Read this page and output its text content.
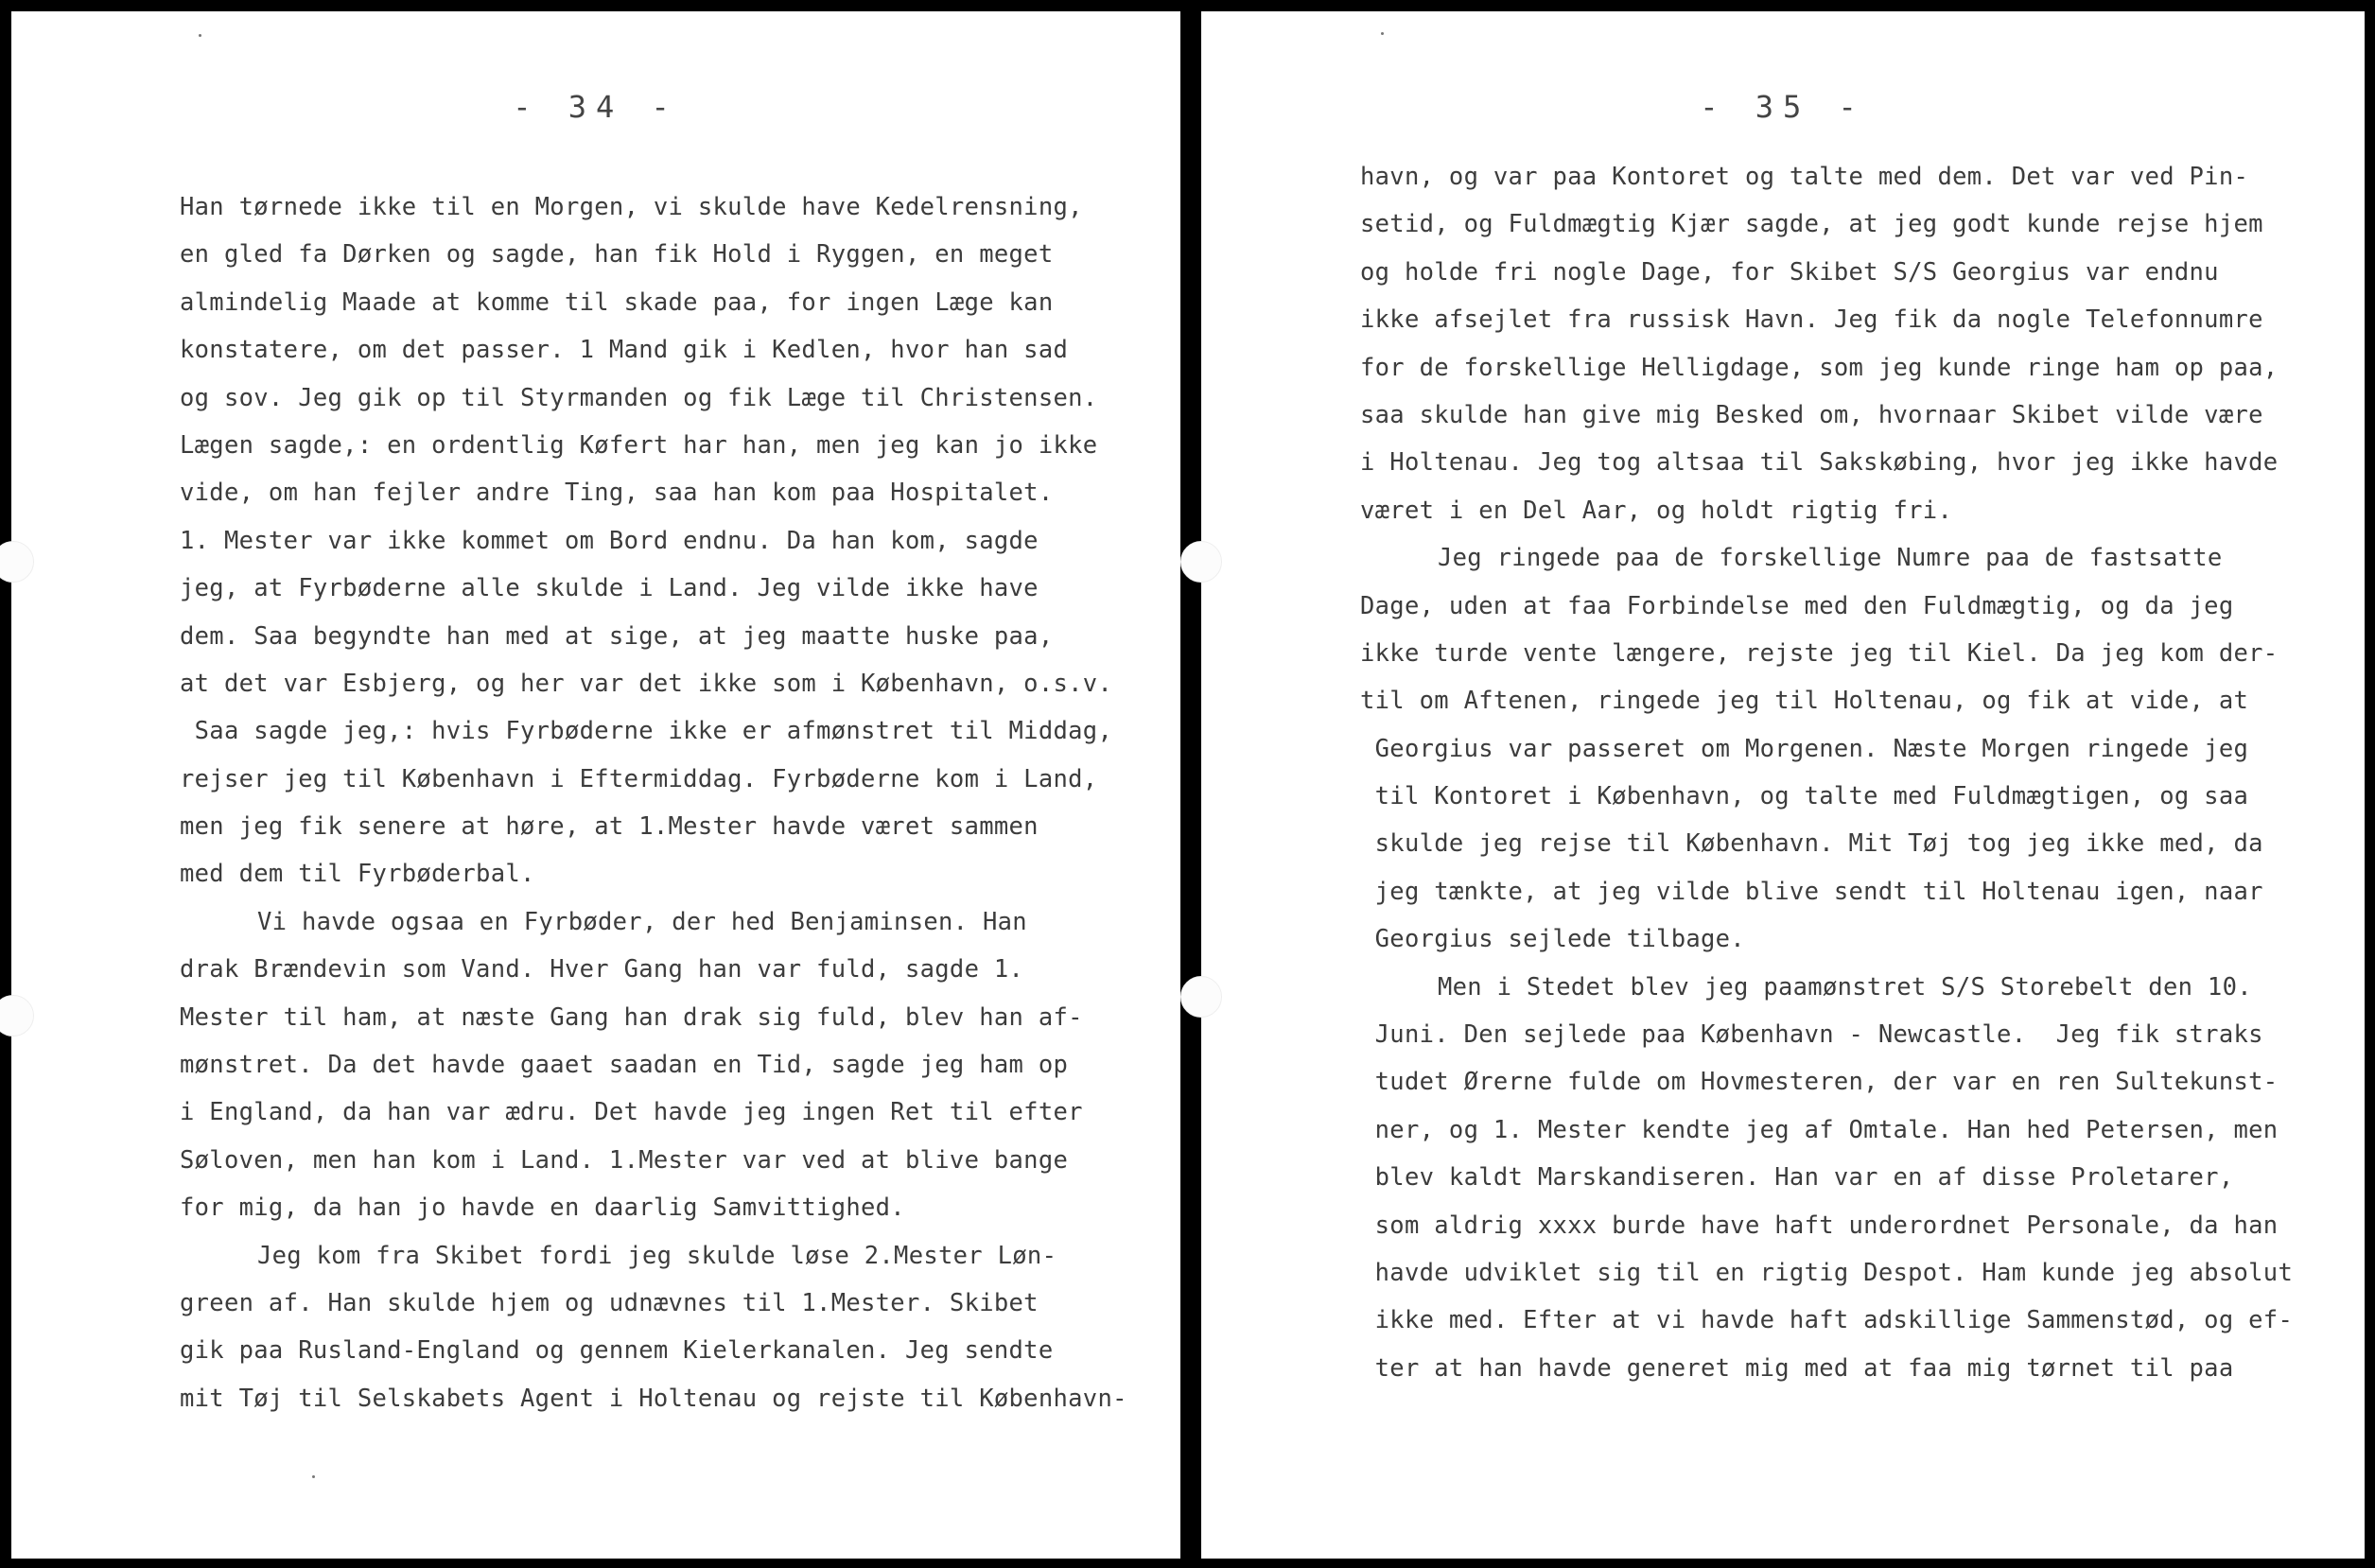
- 34 -
Han tørnede ikke til en Morgen, vi skulde have Kedelrensning,
en gled fa Dørken og sagde, han fik Hold i Ryggen, en meget
almindelig Maade at komme til skade paa, for ingen Læge kan
konstatere, om det passer. 1 Mand gik i Kedlen, hvor han sad
og sov. Jeg gik op til Styrmanden og fik Læge til Christensen.
Lægen sagde,: en ordentlig Køfert har han, men jeg kan jo ikke
vide, om han fejler andre Ting, saa han kom paa Hospitalet.
1. Mester var ikke kommet om Bord endnu. Da han kom, sagde
jeg, at Fyrbøderne alle skulde i Land. Jeg vilde ikke have
dem. Saa begyndte han med at sige, at jeg maatte huske paa,
at det var Esbjerg, og her var det ikke som i København, o.s.v.
Saa sagde jeg,: hvis Fyrbøderne ikke er afmønstret til Middag,
rejser jeg til København i Eftermiddag. Fyrbøderne kom i Land,
men jeg fik senere at høre, at 1.Mester havde været sammen
med dem til Fyrbøderbal.
Vi havde ogsaa en Fyrbøder, der hed Benjaminsen. Han
drak Brændevin som Vand. Hver Gang han var fuld, sagde 1.
Mester til ham, at næste Gang han drak sig fuld, blev han af-
mønstret. Da det havde gaaet saadan en Tid, sagde jeg ham op
i England, da han var ædru. Det havde jeg ingen Ret til efter
Søloven, men han kom i Land. 1.Mester var ved at blive bange
for mig, da han jo havde en daarlig Samvittighed.
Jeg kom fra Skibet fordi jeg skulde løse 2.Mester Løn-
green af. Han skulde hjem og udnævnes til 1.Mester. Skibet
gik paa Rusland-England og gennem Kielerkanalen. Jeg sendte
mit Tøj til Selskabets Agent i Holtenau og rejste til København-
- 35 -
havn, og var paa Kontoret og talte med dem. Det var ved Pin-
setid, og Fuldmægtig Kjær sagde, at jeg godt kunde rejse hjem
og holde fri nogle Dage, for Skibet S/S Georgius var endnu
ikke afsejlet fra russisk Havn. Jeg fik da nogle Telefonnumre
for de forskellige Helligdage, som jeg kunde ringe ham op paa,
saa skulde han give mig Besked om, hvornaar Skibet vilde være
i Holtenau. Jeg tog altsaa til Sakskøbing, hvor jeg ikke havde
været i en Del Aar, og holdt rigtig fri.
Jeg ringede paa de forskellige Numre paa de fastsatte
Dage, uden at faa Forbindelse med den Fuldmægtig, og da jeg
ikke turde vente længere, rejste jeg til Kiel. Da jeg kom der-
til om Aftenen, ringede jeg til Holtenau, og fik at vide, at
Georgius var passeret om Morgenen. Næste Morgen ringede jeg
til Kontoret i København, og talte med Fuldmægtigen, og saa
skulde jeg rejse til København. Mit Tøj tog jeg ikke med, da
jeg tænkte, at jeg vilde blive sendt til Holtenau igen, naar
Georgius sejlede tilbage.
Men i Stedet blev jeg paamønstret S/S Storebelt den 10.
Juni. Den sejlede paa København - Newcastle.  Jeg fik straks
tudet Ørerne fulde om Hovmesteren, der var en ren Sultekunst-
ner, og 1. Mester kendte jeg af Omtale. Han hed Petersen, men
blev kaldt Marskandiseren. Han var en af disse Proletarer,
som aldrig xxxx burde have haft underordnet Personale, da han
havde udviklet sig til en rigtig Despot. Ham kunde jeg absolut
ikke med. Efter at vi havde haft adskillige Sammenstød, og ef-
ter at han havde generet mig med at faa mig tørnet til paa
